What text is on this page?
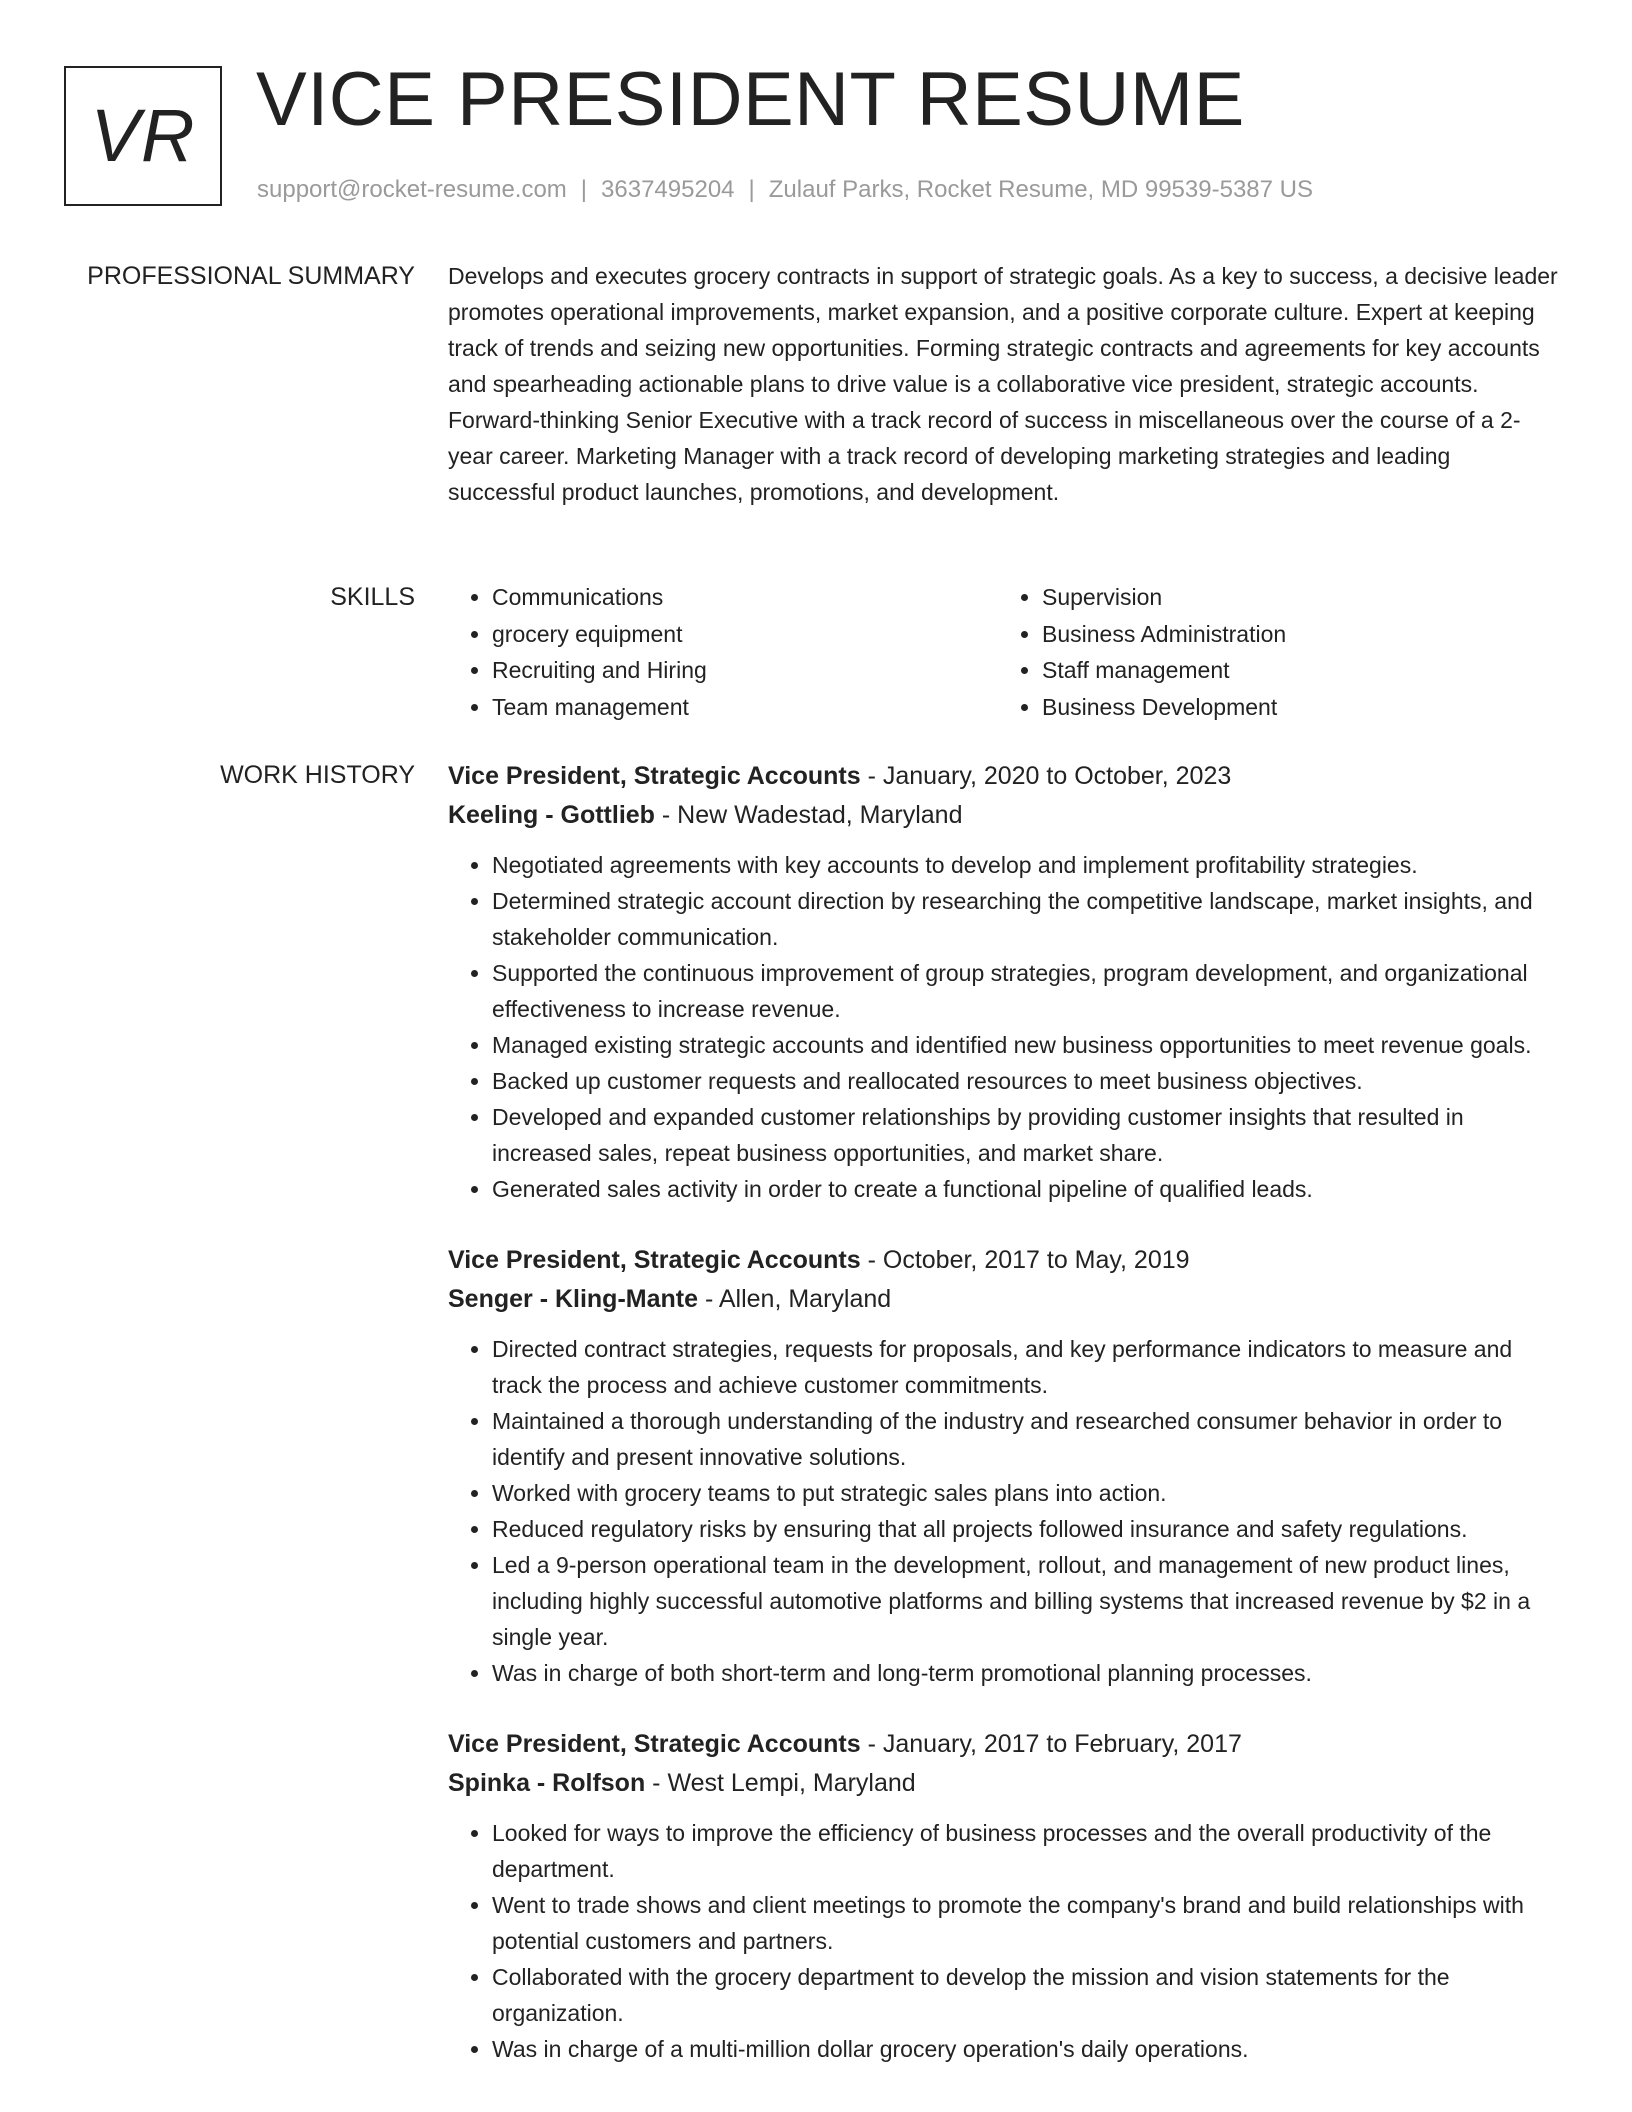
VR VICE PRESIDENT RESUME
support@rocket-resume.com | 3637495204 | Zulauf Parks, Rocket Resume, MD 99539-5387 US
PROFESSIONAL SUMMARY Develops and executes grocery contracts in support of strategic goals. As a key to success, a decisive leader promotes operational improvements, market expansion, and a positive corporate culture. Expert at keeping track of trends and seizing new opportunities. Forming strategic contracts and agreements for key accounts and spearheading actionable plans to drive value is a collaborative vice president, strategic accounts. Forward-thinking Senior Executive with a track record of success in miscellaneous over the course of a 2-year career. Marketing Manager with a track record of developing marketing strategies and leading successful product launches, promotions, and development.

SKILLS
•	Communications
• grocery equipment
• Recruiting and Hiring
• Team management
• Supervision
• Business Administration
• Staff management
• Business Development
WORK HISTORY Vice President, Strategic Accounts - January, 2020 to October, 2023
Keeling - Gottlieb - New Wadestad, Maryland
• Negotiated agreements with key accounts to develop and implement profitability strategies.
• Determined strategic account direction by researching the competitive landscape, market insights, and stakeholder communication.
• Supported the continuous improvement of group strategies, program development, and organizational effectiveness to increase revenue.
• Managed existing strategic accounts and identified new business opportunities to meet revenue goals.
• Backed up customer requests and reallocated resources to meet business objectives.
• Developed and expanded customer relationships by providing customer insights that resulted in increased sales, repeat business opportunities, and market share.
• Generated sales activity in order to create a functional pipeline of qualified leads.
Vice President, Strategic Accounts - October, 2017 to May, 2019
Senger - Kling-Mante - Allen, Maryland
• Directed contract strategies, requests for proposals, and key performance indicators to measure and track the process and achieve customer commitments.
• Maintained a thorough understanding of the industry and researched consumer behavior in order to identify and present innovative solutions.
• Worked with grocery teams to put strategic sales plans into action.
• Reduced regulatory risks by ensuring that all projects followed insurance and safety regulations.
• Led a 9-person operational team in the development, rollout, and management of new product lines, including highly successful automotive platforms and billing systems that increased revenue by $2 in a single year.
• Was in charge of both short-term and long-term promotional planning processes.
Vice President, Strategic Accounts - January, 2017 to February, 2017
Spinka - Rolfson - West Lempi, Maryland
• Looked for ways to improve the efficiency of business processes and the overall productivity of the department.
• Went to trade shows and client meetings to promote the company's brand and build relationships with potential customers and partners.
• Collaborated with the grocery department to develop the mission and vision statements for the organization.
• Was in charge of a multi-million dollar grocery operation's daily operations.
